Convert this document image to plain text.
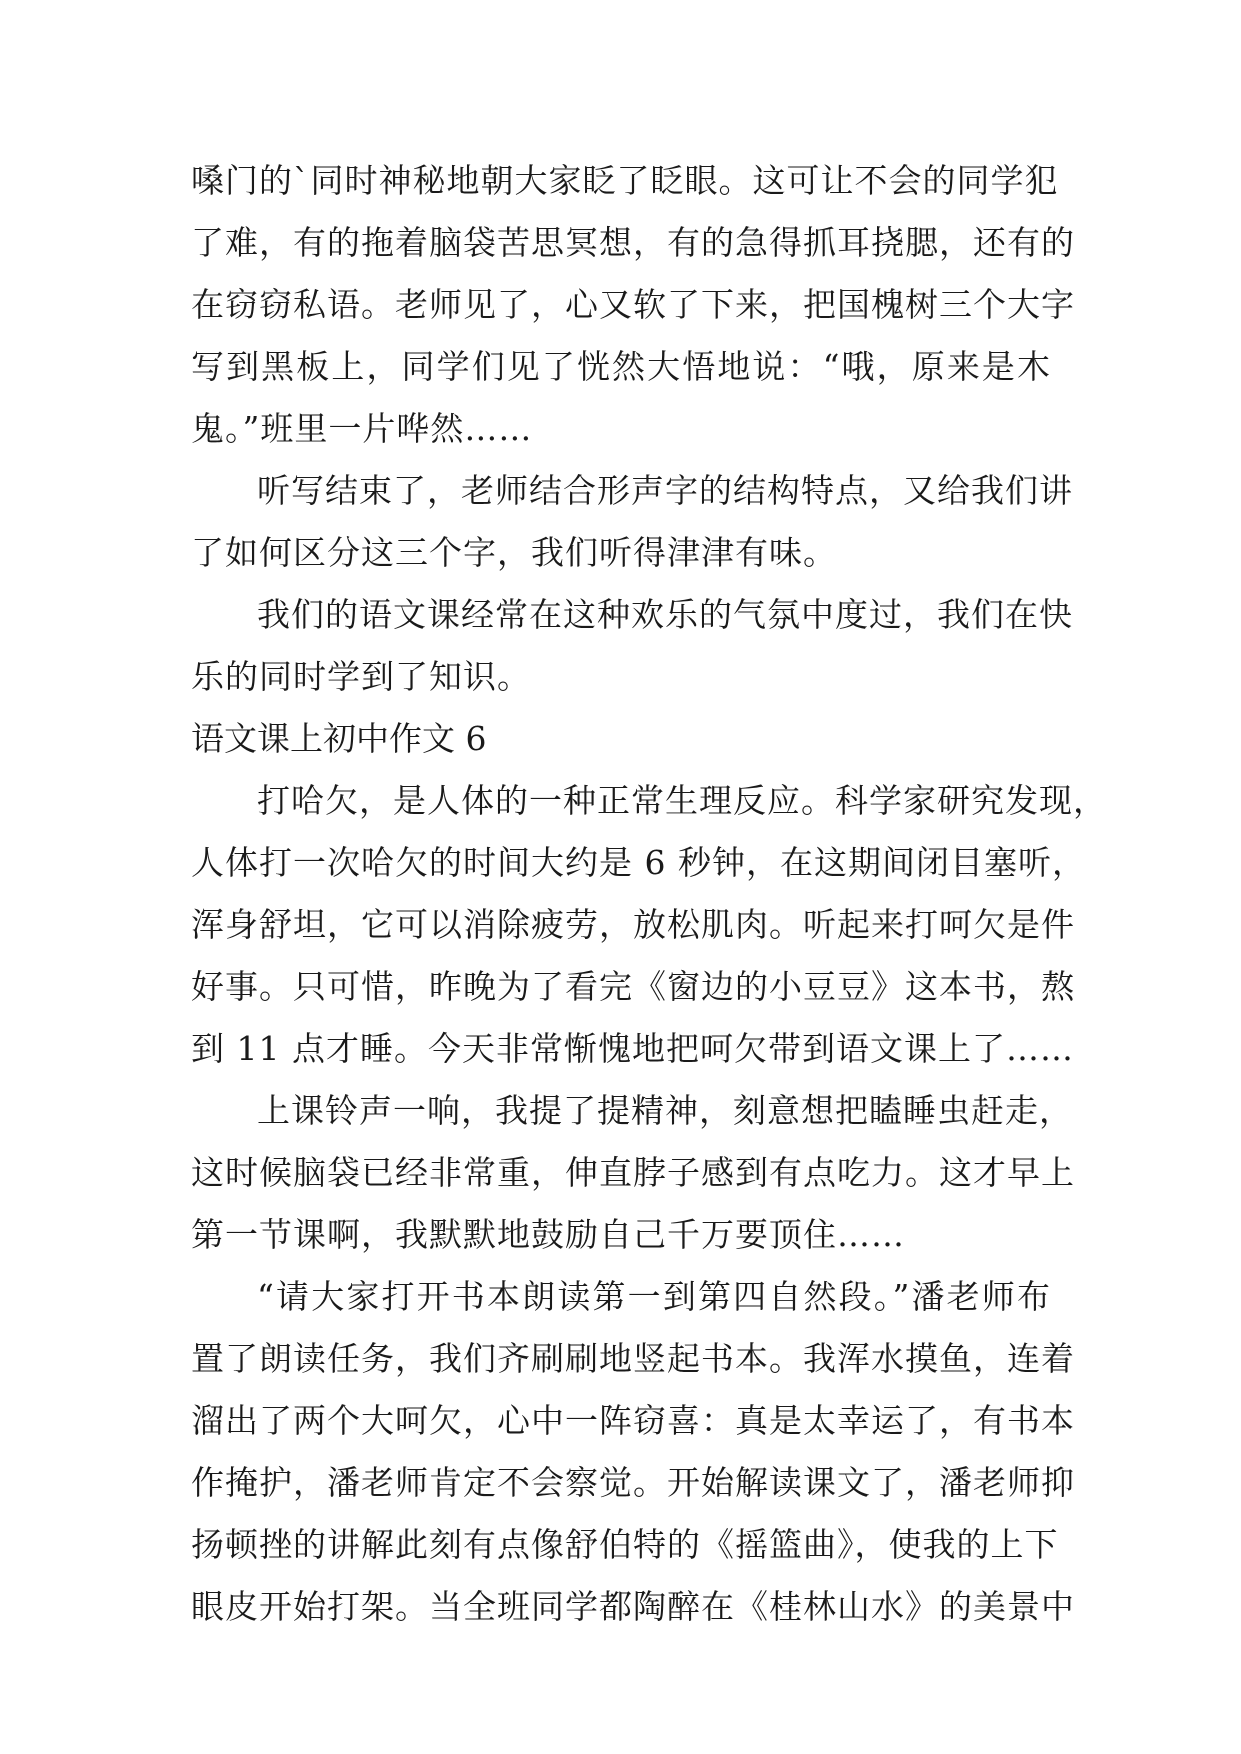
嗓门的`同时神秘地朝大家眨了眨眼。这可让不会的同学犯
了难，有的拖着脑袋苦思冥想，有的急得抓耳挠腮，还有的
在窃窃私语。老师见了，心又软了下来，把国槐树三个大字
写到黑板上，同学们见了恍然大悟地说：“哦，原来是木
鬼。”班里一片哗然……
听写结束了，老师结合形声字的结构特点，又给我们讲
了如何区分这三个字，我们听得津津有味。
我们的语文课经常在这种欢乐的气氛中度过，我们在快
乐的同时学到了知识。
语文课上初中作文 6
打哈欠，是人体的一种正常生理反应。科学家研究发现，
人体打一次哈欠的时间大约是 6 秒钟，在这期间闭目塞听，
浑身舒坦，它可以消除疲劳，放松肌肉。听起来打呵欠是件
好事。只可惜，昨晚为了看完《窗边的小豆豆》这本书，熬
到 11 点才睡。今天非常惭愧地把呵欠带到语文课上了……
上课铃声一响，我提了提精神，刻意想把瞌睡虫赶走，
这时候脑袋已经非常重，伸直脖子感到有点吃力。这才早上
第一节课啊，我默默地鼓励自己千万要顶住……
“请大家打开书本朗读第一到第四自然段。”潘老师布
置了朗读任务，我们齐刷刷地竖起书本。我浑水摸鱼，连着
溜出了两个大呵欠，心中一阵窃喜：真是太幸运了，有书本
作掩护，潘老师肯定不会察觉。开始解读课文了，潘老师抑
扬顿挫的讲解此刻有点像舒伯特的《摇篮曲》，使我的上下
眼皮开始打架。当全班同学都陶醉在《桂林山水》的美景中
